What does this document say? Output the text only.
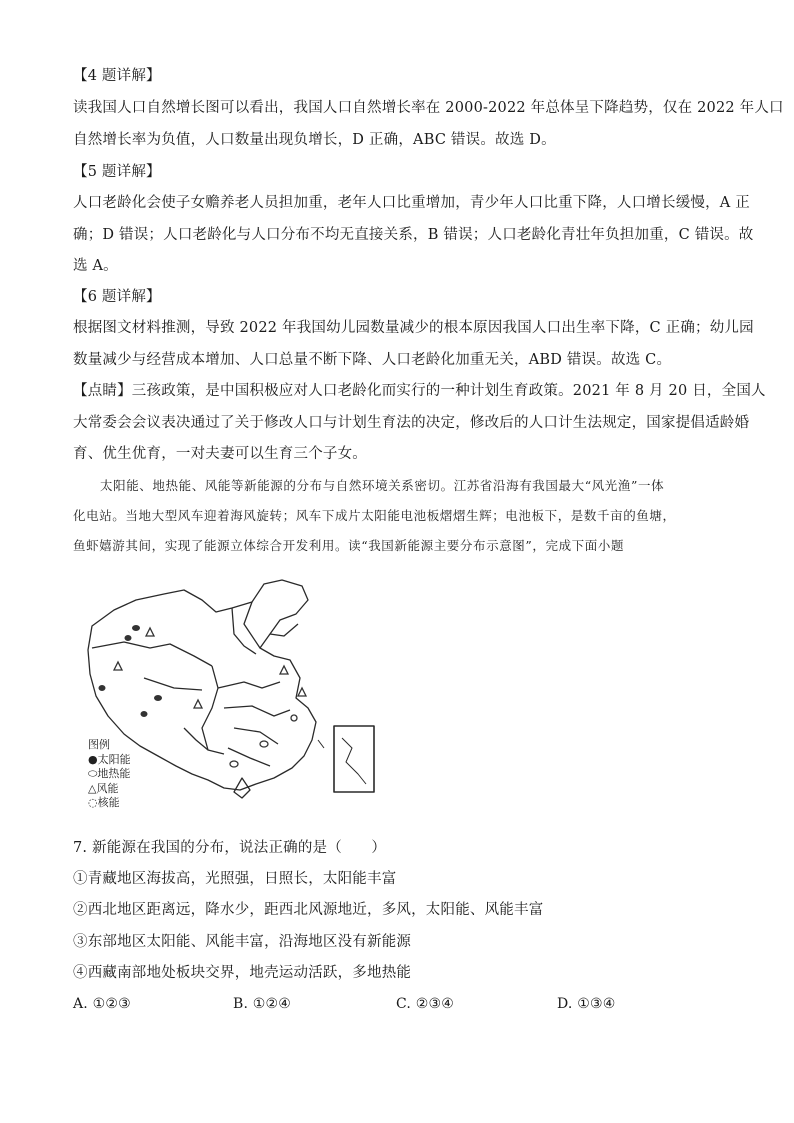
【4 题详解】
读我国人口自然增长图可以看出，我国人口自然增长率在 2000-2022 年总体呈下降趋势，仅在 2022 年人口
自然增长率为负值，人口数量出现负增长，D 正确，ABC 错误。故选 D。
【5 题详解】
人口老龄化会使子女赡养老人员担加重，老年人口比重增加，青少年人口比重下降，人口增长缓慢，A 正
确；D 错误；人口老龄化与人口分布不均无直接关系，B 错误；人口老龄化青壮年负担加重，C 错误。故
选 A。
【6 题详解】
根据图文材料推测，导致 2022 年我国幼儿园数量减少的根本原因我国人口出生率下降，C 正确；幼儿园
数量减少与经营成本增加、人口总量不断下降、人口老龄化加重无关，ABD 错误。故选 C。
【点睛】三孩政策，是中国积极应对人口老龄化而实行的一种计划生育政策。2021 年 8 月 20 日，全国人
大常委会会议表决通过了关于修改人口与计划生育法的决定，修改后的人口计生法规定，国家提倡适龄婚
育、优生优育，一对夫妻可以生育三个子女。
太阳能、地热能、风能等新能源的分布与自然环境关系密切。江苏省沿海有我国最大“风光渔”一体
化电站。当地大型风车迎着海风旋转；风车下成片太阳能电池板熠熠生辉；电池板下，是数千亩的鱼塘，
鱼虾嬉游其间，实现了能源立体综合开发利用。读“我国新能源主要分布示意图”，完成下面小题
图例
●太阳能
⬭地热能
△风能
◌核能
7. 新能源在我国的分布，说法正确的是（　　）
①青藏地区海拔高，光照强，日照长，太阳能丰富
②西北地区距离远，降水少，距西北风源地近，多风，太阳能、风能丰富
③东部地区太阳能、风能丰富，沿海地区没有新能源
④西藏南部地处板块交界，地壳运动活跃，多地热能
A. ①②③	B. ①②④	C. ②③④	D. ①③④
